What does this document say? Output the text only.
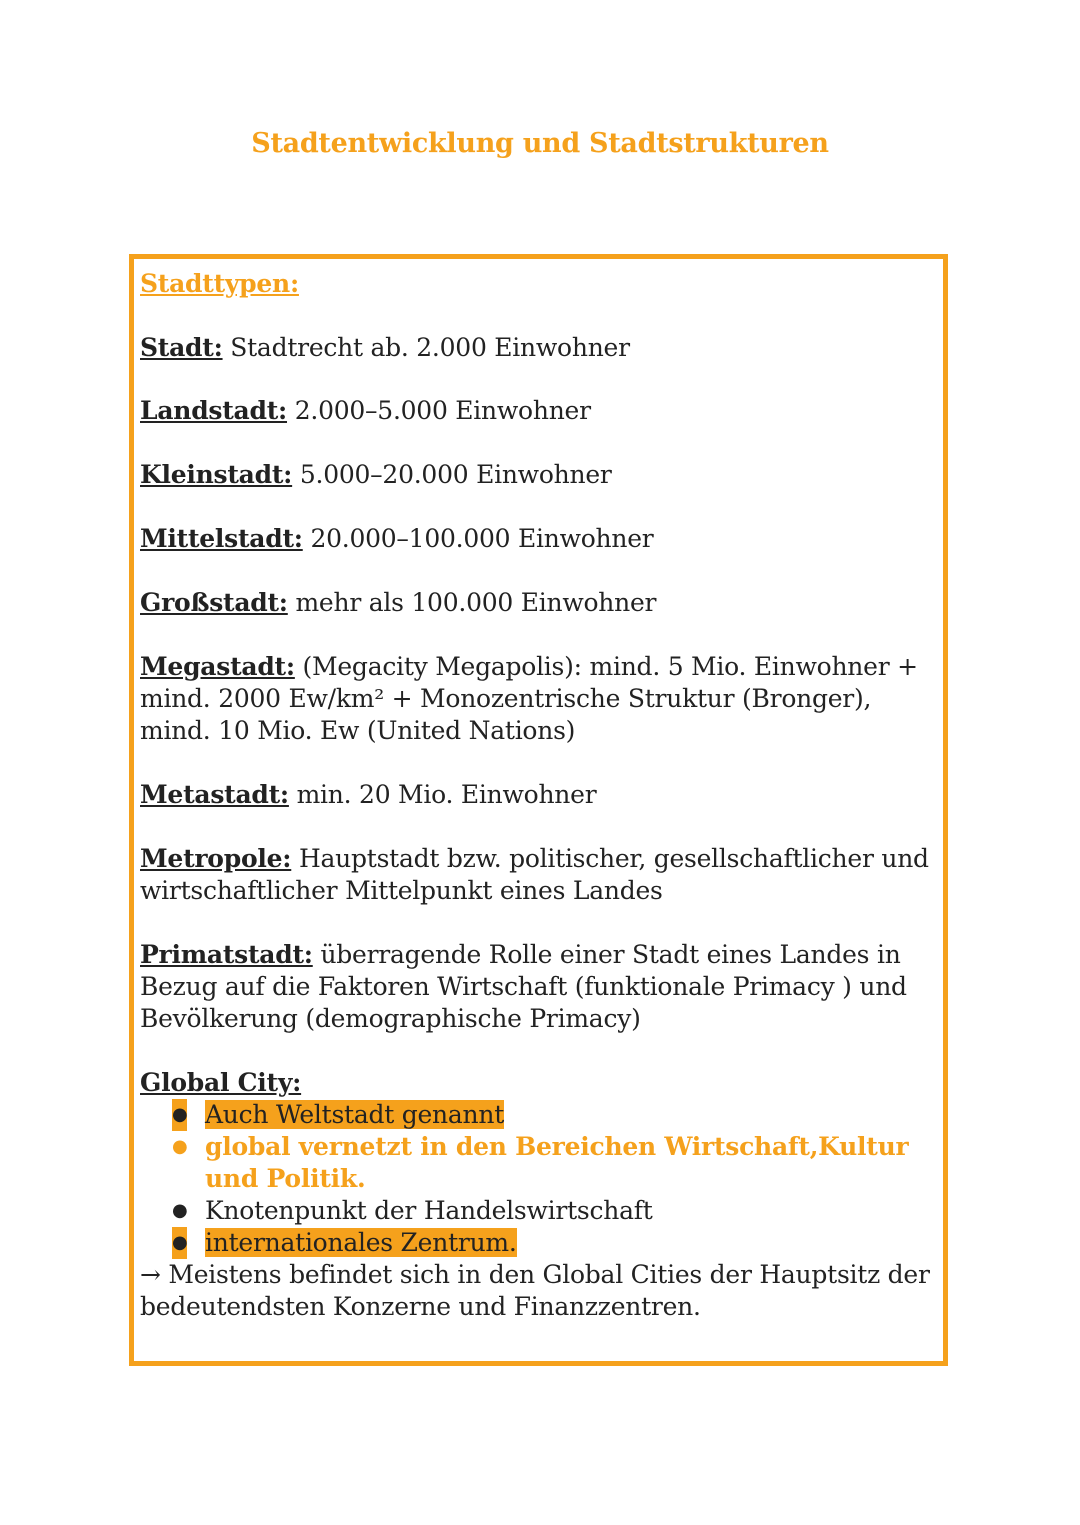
Stadtentwicklung und Stadtstrukturen

Stadttypen:

Stadt: Stadtrecht ab. 2.000 Einwohner

Landstadt: 2.000–5.000 Einwohner

Kleinstadt: 5.000–20.000 Einwohner

Mittelstadt: 20.000–100.000 Einwohner

Großstadt: mehr als 100.000 Einwohner

Megastadt: (Megacity Megapolis): mind. 5 Mio. Einwohner + mind. 2000 Ew/km² + Monozentrische Struktur (Bronger), mind. 10 Mio. Ew (United Nations)

Metastadt: min. 20 Mio. Einwohner

Metropole: Hauptstadt bzw. politischer, gesellschaftlicher und wirtschaftlicher Mittelpunkt eines Landes

Primatstadt: überragende Rolle einer Stadt eines Landes in Bezug auf die Faktoren Wirtschaft (funktionale Primacy ) und Bevölkerung (demographische Primacy)

Global City:

● Auch Weltstadt genannt
● global vernetzt in den Bereichen Wirtschaft,Kultur und Politik.
● Knotenpunkt der Handelswirtschaft
● internationales Zentrum.

→ Meistens befindet sich in den Global Cities der Hauptsitz der bedeutendsten Konzerne und Finanzzentren.
